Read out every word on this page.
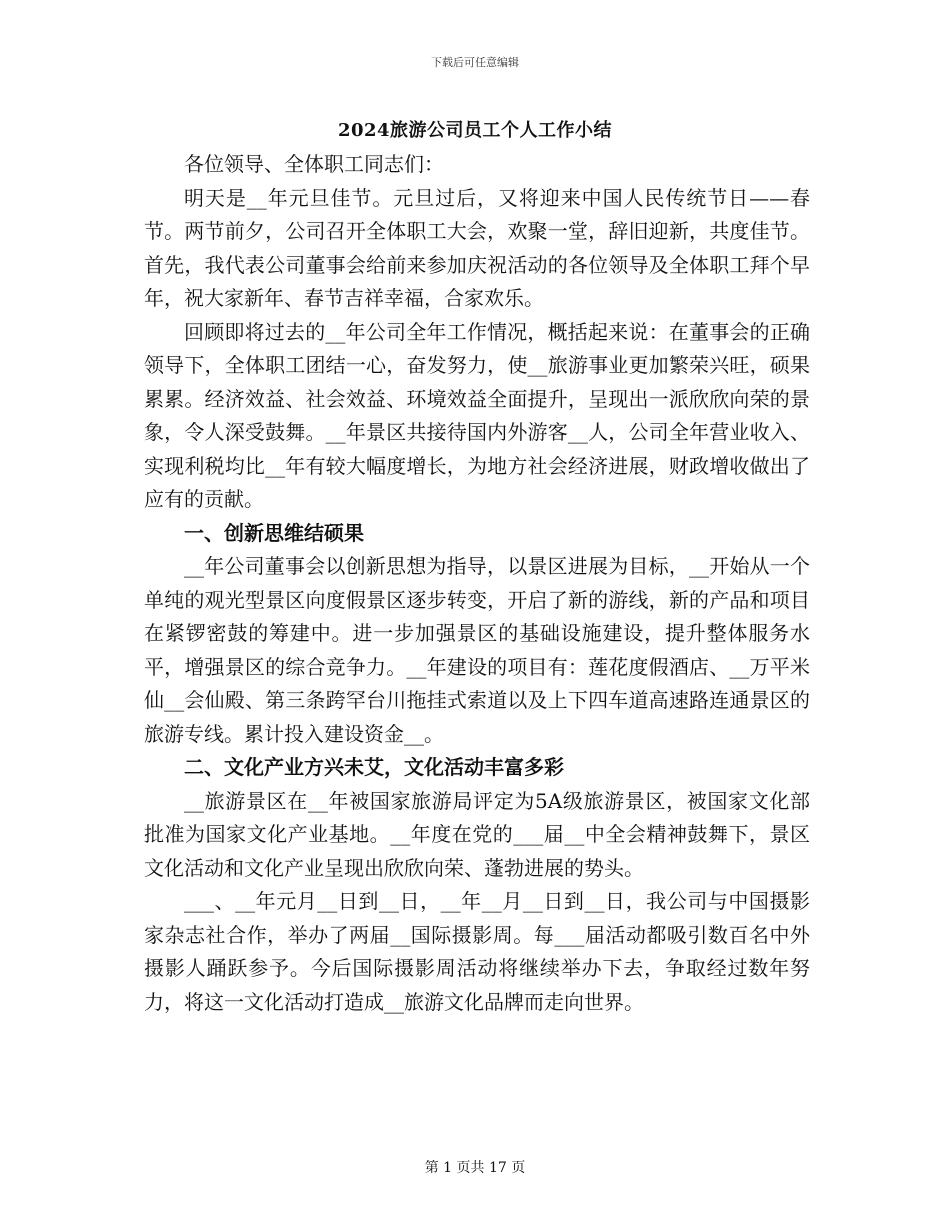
下载后可任意编辑
2024旅游公司员工个人工作小结

各位领导、全体职工同志们：

明天是__年元旦佳节。元旦过后，又将迎来中国人民传统节日——春节。两节前夕，公司召开全体职工大会，欢聚一堂，辞旧迎新，共度佳节。首先，我代表公司董事会给前来参加庆祝活动的各位领导及全体职工拜个早年，祝大家新年、春节吉祥幸福，合家欢乐。

回顾即将过去的__年公司全年工作情况，概括起来说：在董事会的正确领导下，全体职工团结一心，奋发努力，使__旅游事业更加繁荣兴旺，硕果累累。经济效益、社会效益、环境效益全面提升，呈现出一派欣欣向荣的景象，令人深受鼓舞。__年景区共接待国内外游客__人，公司全年营业收入、实现利税均比__年有较大幅度增长，为地方社会经济进展，财政增收做出了应有的贡献。

一、创新思维结硕果

__年公司董事会以创新思想为指导，以景区进展为目标，__开始从一个单纯的观光型景区向度假景区逐步转变，开启了新的游线，新的产品和项目在紧锣密鼓的筹建中。进一步加强景区的基础设施建设，提升整体服务水平，增强景区的综合竞争力。__年建设的项目有：莲花度假酒店、__万平米仙__会仙殿、第三条跨罕台川拖挂式索道以及上下四车道高速路连通景区的旅游专线。累计投入建设资金__。

二、文化产业方兴未艾，文化活动丰富多彩

__旅游景区在__年被国家旅游局评定为5A级旅游景区，被国家文化部批准为国家文化产业基地。__年度在党的___届__中全会精神鼓舞下，景区文化活动和文化产业呈现出欣欣向荣、蓬勃进展的势头。

___、__年元月__日到__日，__年__月__日到__日，我公司与中国摄影家杂志社合作，举办了两届__国际摄影周。每___届活动都吸引数百名中外摄影人踊跃参予。今后国际摄影周活动将继续举办下去，争取经过数年努力，将这一文化活动打造成__旅游文化品牌而走向世界。

第 1 页共 17 页
